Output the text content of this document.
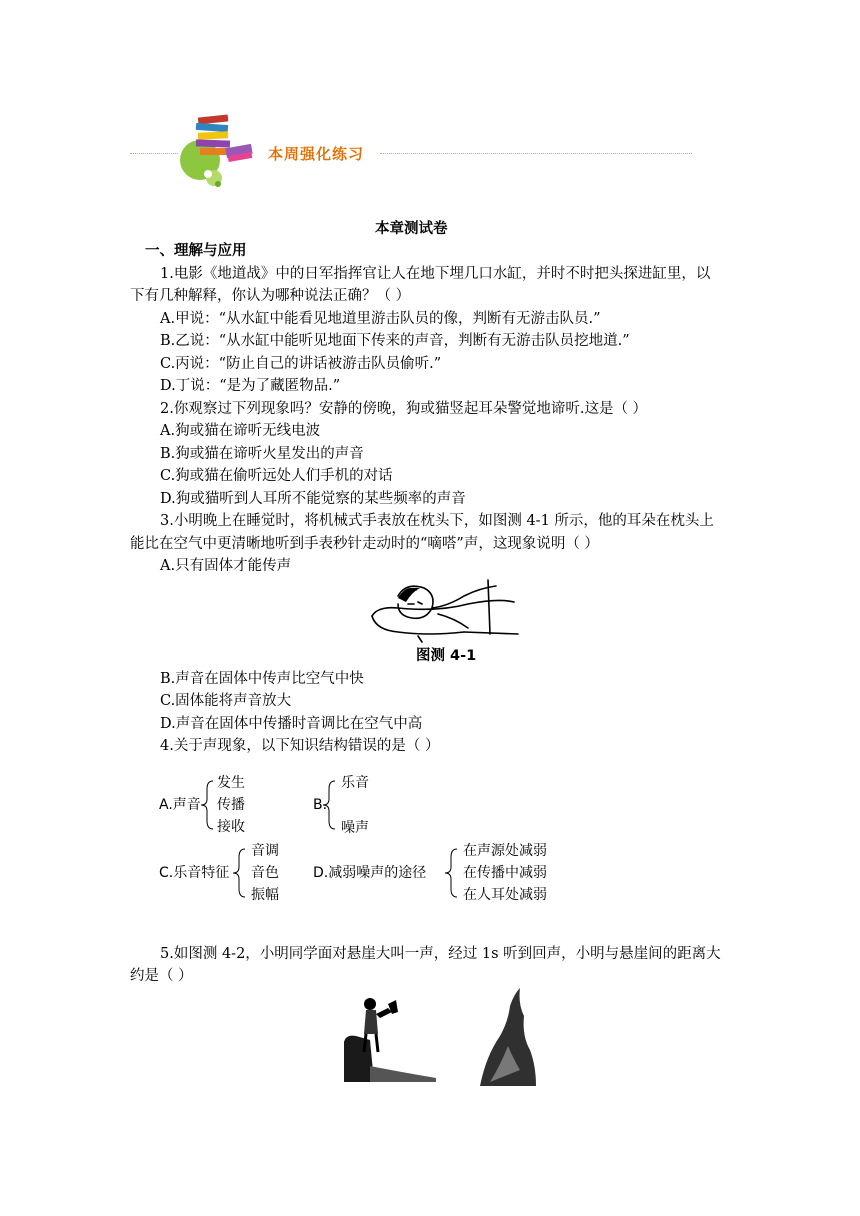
本周强化练习
本章测试卷
一、理解与应用
1.电影《地道战》中的日军指挥官让人在地下埋几口水缸，并时不时把头探进缸里，以
下有几种解释，你认为哪种说法正确？（ ）
A.甲说：“从水缸中能看见地道里游击队员的像，判断有无游击队员.”
B.乙说：“从水缸中能听见地面下传来的声音，判断有无游击队员挖地道.”
C.丙说：“防止自己的讲话被游击队员偷听.”
D.丁说：“是为了藏匿物品.”
2.你观察过下列现象吗？安静的傍晚，狗或猫竖起耳朵警觉地谛听.这是（ ）
A.狗或猫在谛听无线电波
B.狗或猫在谛听火星发出的声音
C.狗或猫在偷听远处人们手机的对话
D.狗或猫听到人耳所不能觉察的某些频率的声音
3.小明晚上在睡觉时，将机械式手表放在枕头下，如图测 4-1 所示，他的耳朵在枕头上
能比在空气中更清晰地听到手表秒针走动时的“嘀嗒”声，这现象说明（ ）
A.只有固体才能传声
图测 4-1
B.声音在固体中传声比空气中快
C.固体能将声音放大
D.声音在固体中传播时音调比在空气中高
4.关于声现象，以下知识结构错误的是（ ）
A.声音
发生
传播
接收
B.
乐音
噪声
C.乐音特征
音调
音色
振幅
D.减弱噪声的途径
在声源处减弱
在传播中减弱
在人耳处减弱
5.如图测 4-2，小明同学面对悬崖大叫一声，经过 1s 听到回声，小明与悬崖间的距离大
约是（ ）
